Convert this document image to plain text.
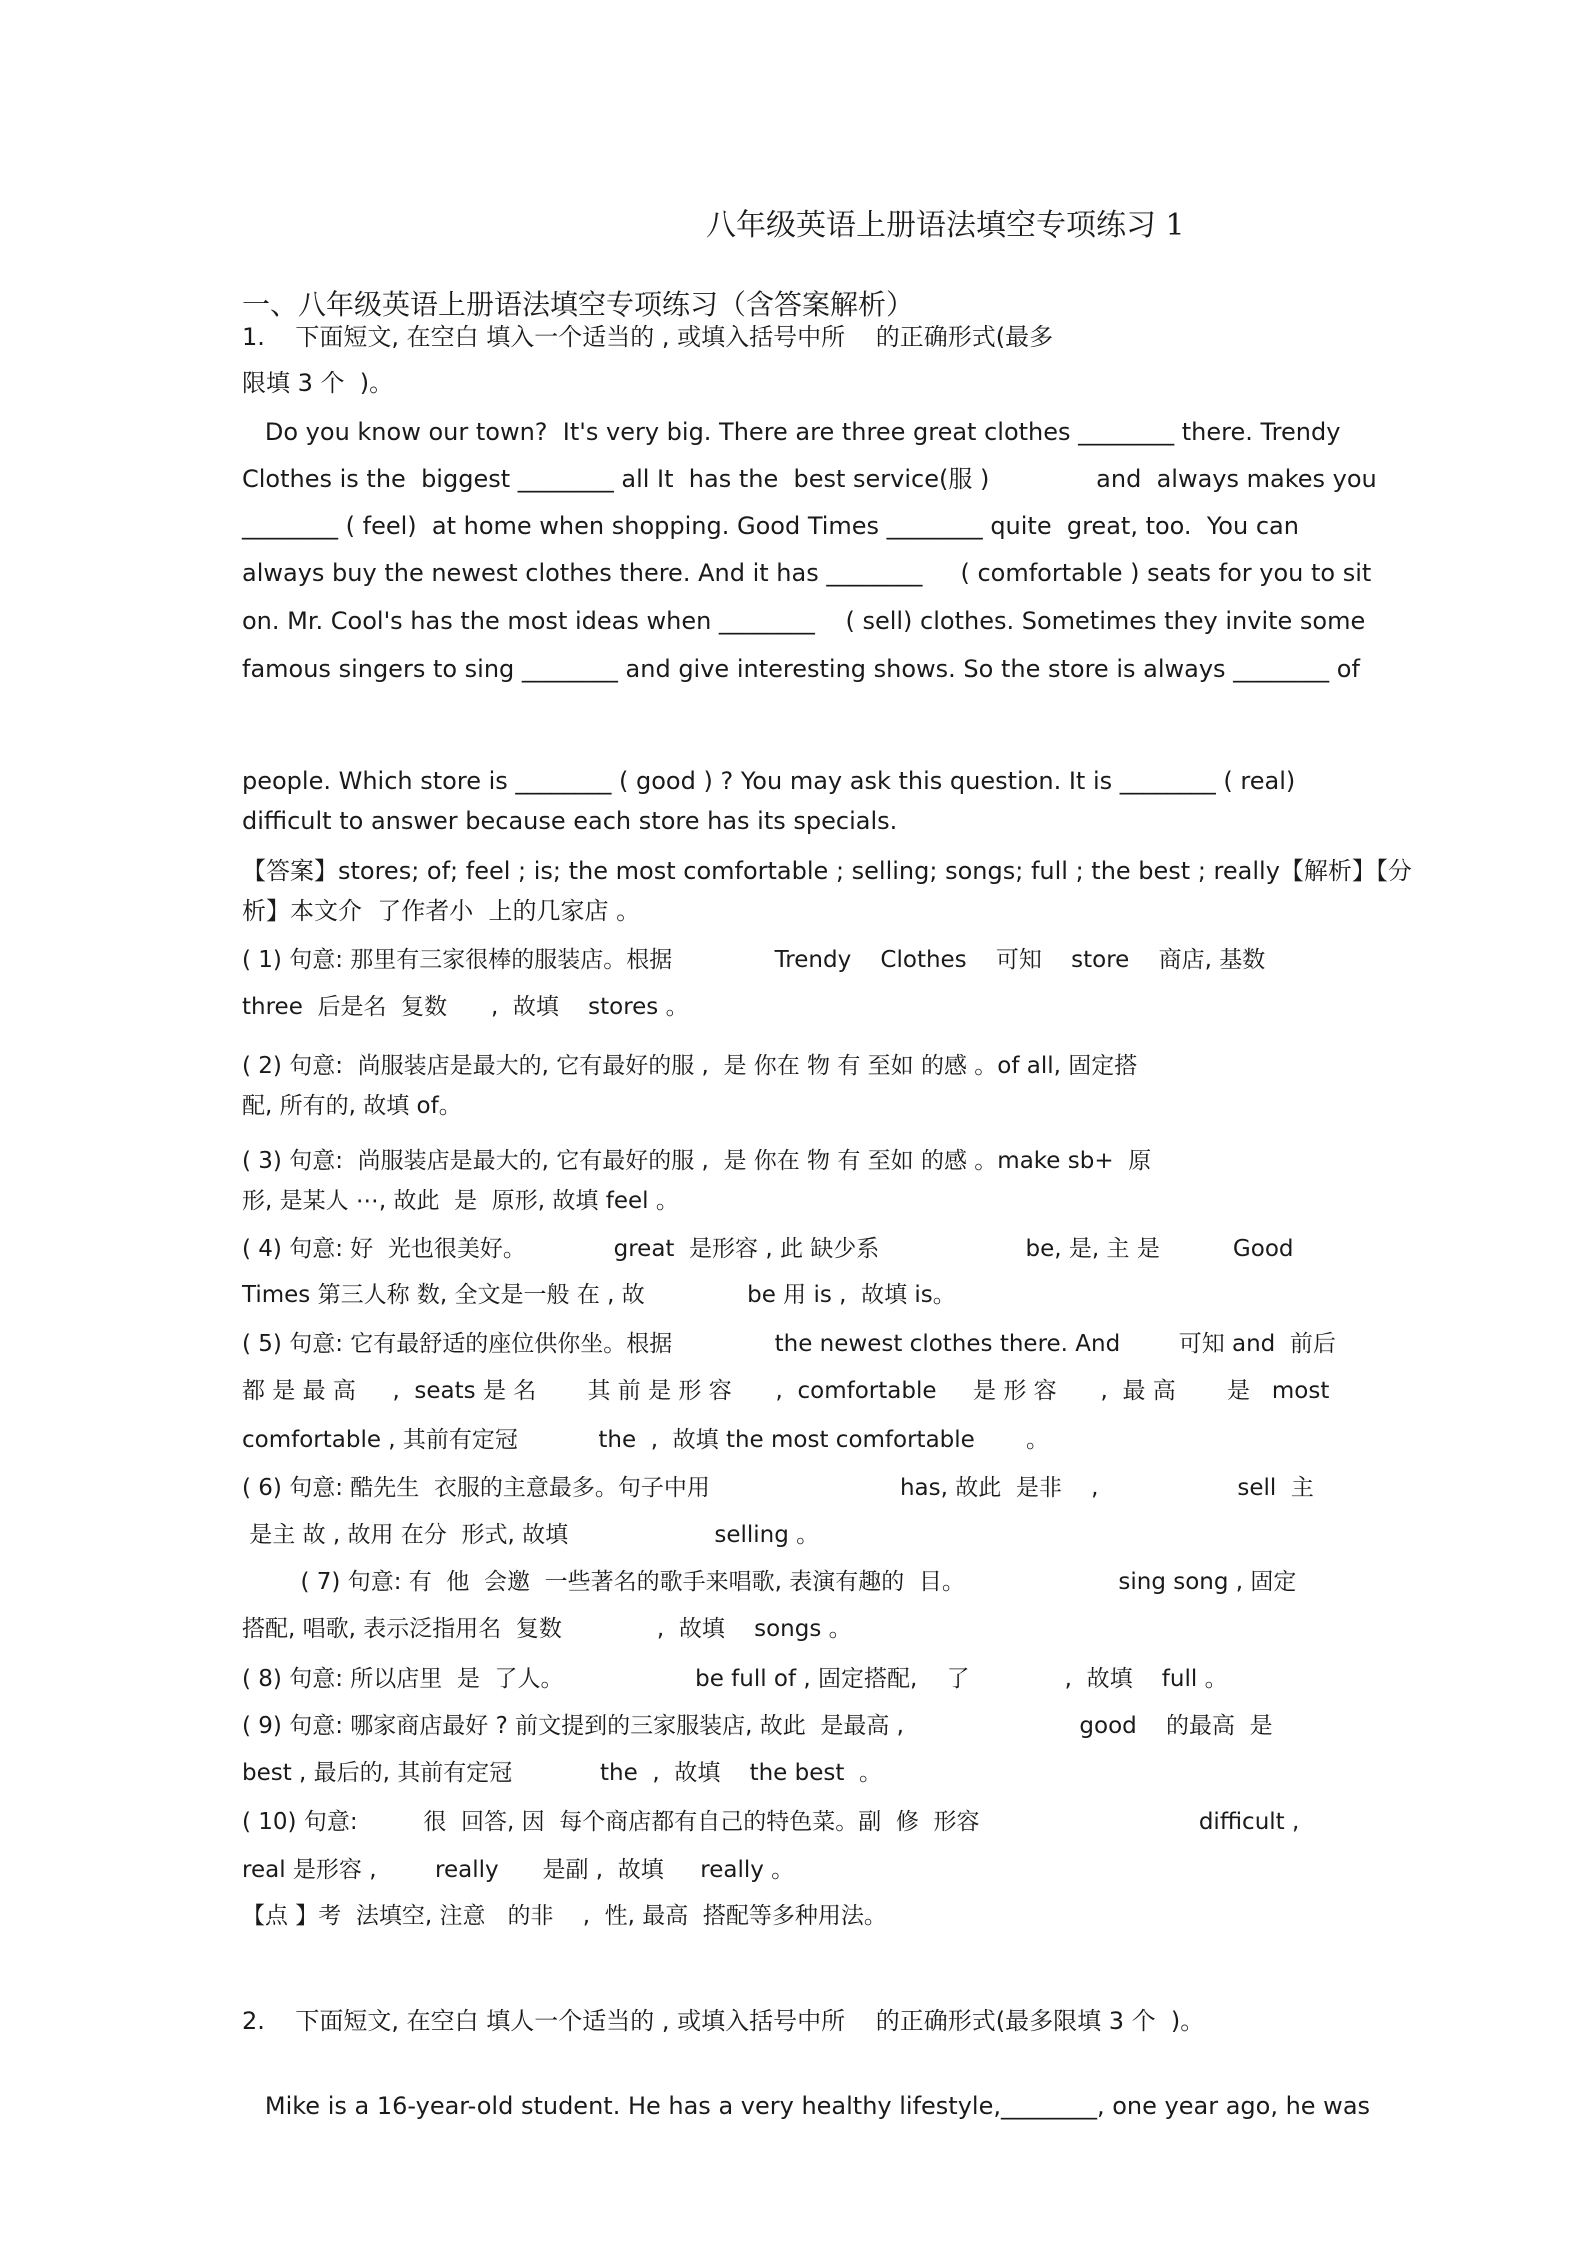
八年级英语上册语法填空专项练习 1
一、八年级英语上册语法填空专项练习（含答案解析）
1.    下面短文, 在空白 填入一个适当的 , 或填入括号中所    的正确形式(最多
限填 3 个  )。
Do you know our town?  It's very big. There are three great clothes ________ there. Trendy
Clothes is the  biggest ________ all It  has the  best service(服 )              and  always makes you
________ ( feel)  at home when shopping. Good Times ________ quite  great, too.  You can
always buy the newest clothes there. And it has ________     ( comfortable ) seats for you to sit
on. Mr. Cool's has the most ideas when ________    ( sell) clothes. Sometimes they invite some
famous singers to sing ________ and give interesting shows. So the store is always ________ of
people. Which store is ________ ( good ) ? You may ask this question. It is ________ ( real)
difficult to answer because each store has its specials.
【答案】stores; of; feel ; is; the most comfortable ; selling; songs; full ; the best ; really【解析】【分
析】本文介  了作者小  上的几家店 。
( 1) 句意: 那里有三家很棒的服装店。根据              Trendy    Clothes    可知    store    商店, 基数
three  后是名  复数      ,  故填    stores 。
( 2) 句意:  尚服装店是最大的, 它有最好的服 ,  是 你在 物 有 至如 的感 。of all, 固定搭
配, 所有的, 故填 of。
( 3) 句意:  尚服装店是最大的, 它有最好的服 ,  是 你在 物 有 至如 的感 。make sb+  原
形, 是某人 ⋯, 故此  是  原形, 故填 feel 。
( 4) 句意: 好  光也很美好。            great  是形容 , 此 缺少系                    be, 是, 主 是          Good
Times 第三人称 数, 全文是一般 在 , 故              be 用 is ,  故填 is。
( 5) 句意: 它有最舒适的座位供你坐。根据              the newest clothes there. And        可知 and  前后
都 是 最 高     ,  seats 是 名       其 前 是 形 容      ,  comfortable     是 形 容      ,  最 高       是   most
comfortable , 其前有定冠           the  ,  故填 the most comfortable       。
( 6) 句意: 酷先生  衣服的主意最多。句子中用                          has, 故此  是非    ,                   sell  主
是主 故 , 故用 在分  形式, 故填                    selling 。
( 7) 句意: 有  他  会邀  一些著名的歌手来唱歌, 表演有趣的  目。                     sing song , 固定
搭配, 唱歌, 表示泛指用名  复数             ,  故填    songs 。
( 8) 句意: 所以店里  是  了人。                  be full of , 固定搭配,    了             ,  故填    full 。
( 9) 句意: 哪家商店最好 ? 前文提到的三家服装店, 故此  是最高 ,                        good    的最高  是
best , 最后的, 其前有定冠            the  ,  故填    the best  。
( 10) 句意:         很  回答, 因  每个商店都有自己的特色菜。副  修  形容                              difficult ,
real 是形容 ,        really      是副 ,  故填     really 。
【点 】考  法填空, 注意   的非    ,  性, 最高  搭配等多种用法。
2.    下面短文, 在空白 填人一个适当的 , 或填入括号中所    的正确形式(最多限填 3 个  )。
Mike is a 16-year-old student. He has a very healthy lifestyle,________, one year ago, he was
